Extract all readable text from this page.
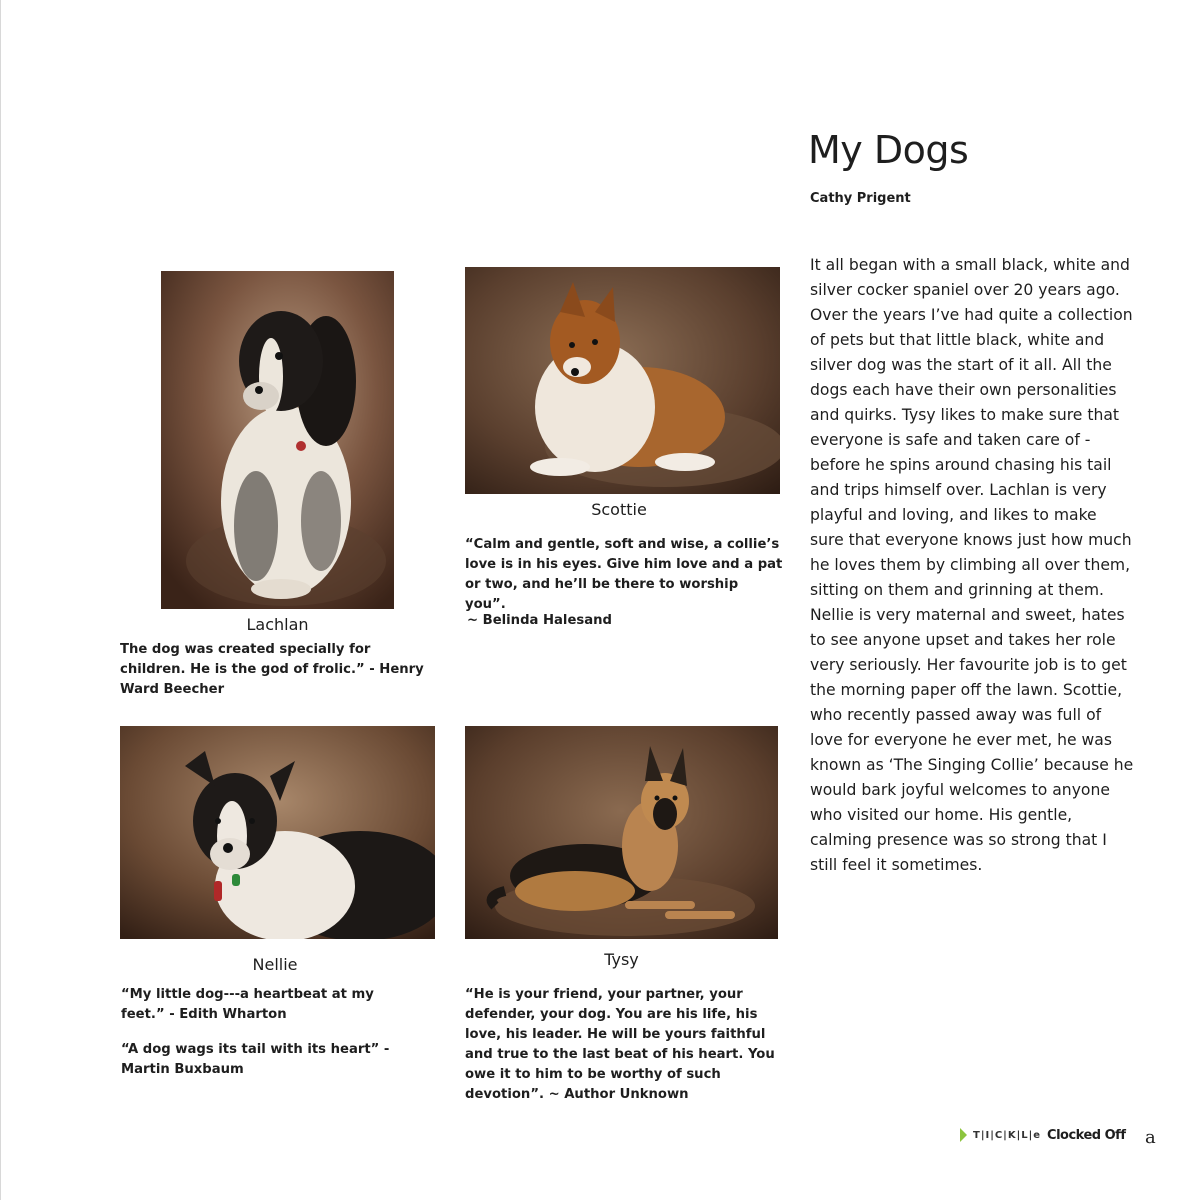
My Dogs
Cathy Prigent

It all began with a small black, white and silver cocker spaniel over 20 years ago. Over the years I’ve had quite a collection of pets but that little black, white and silver dog was the start of it all. All the dogs each have their own personalities and quirks. Tysy likes to make sure that everyone is safe and taken care of - before he spins around chasing his tail and trips himself over. Lachlan is very playful and loving, and likes to make sure that everyone knows just how much he loves them by climbing all over them, sitting on them and grinning at them. Nellie is very maternal and sweet, hates to see anyone upset and takes her role very seriously. Her favourite job is to get the morning paper off the lawn. Scottie, who recently passed away was full of love for everyone he ever met, he was known as ‘The Singing Collie’ because he would bark joyful welcomes to anyone who visited our home. His gentle, calming presence was so strong that I still feel it sometimes.

Lachlan

The dog was created specially for children. He is the god of frolic.” - Henry Ward Beecher

Scottie

“Calm and gentle, soft and wise, a collie’s love is in his eyes. Give him love and a pat or two, and he’ll be there to worship you”.

~ Belinda Halesand

Nellie

“My little dog---a heartbeat at my feet.” - Edith Wharton

“A dog wags its tail with its heart” - Martin Buxbaum

Tysy

“He is your friend, your partner, your defender, your dog. You are his life, his love, his leader. He will be yours faithful and true to the last beat of his heart. You owe it to him to be worthy of such devotion”. ~ Author Unknown

T|I|C|K|L|e Clocked Off a
